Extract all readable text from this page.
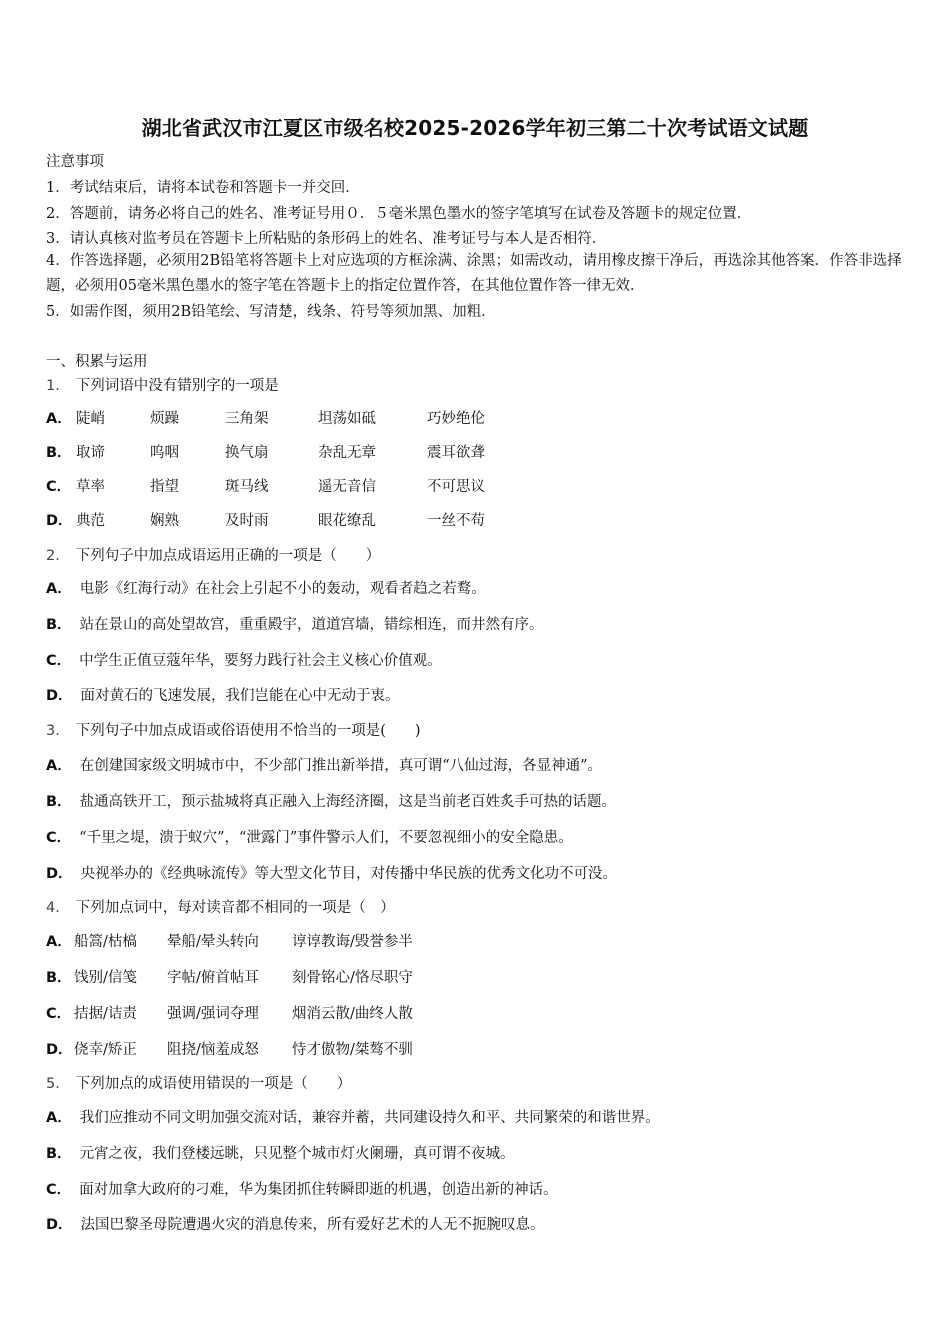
湖北省武汉市江夏区市级名校2025-2026学年初三第二十次考试语文试题
注意事项
1．考试结束后，请将本试卷和答题卡一并交回．
2．答题前，请务必将自己的姓名、准考证号用０．５毫米黑色墨水的签字笔填写在试卷及答题卡的规定位置．
3．请认真核对监考员在答题卡上所粘贴的条形码上的姓名、准考证号与本人是否相符．
4．作答选择题，必须用2B铅笔将答题卡上对应选项的方框涂满、涂黑；如需改动，请用橡皮擦干净后，再选涂其他答案．作答非选择题，必须用05毫米黑色墨水的签字笔在答题卡上的指定位置作答，在其他位置作答一律无效．
5．如需作图，须用2B铅笔绘、写清楚，线条、符号等须加黑、加粗．
一、积累与运用
1． 下列词语中没有错别字的一项是
A． 陡峭	烦躁	三角架	坦荡如砥	巧妙绝伦
B． 取谛	呜咽	换气扇	杂乱无章	震耳欲聋
C． 草率	指望	斑马线	遥无音信	不可思议
D． 典范	娴熟	及时雨	眼花缭乱	一丝不苟
2． 下列句子中加点成语运用正确的一项是（　　）
A． 电影《红海行动》在社会上引起不小的轰动，观看者趋之若鹜。
B． 站在景山的高处望故宫，重重殿宇，道道宫墙，错综相连，而井然有序。
C． 中学生正值豆蔻年华，要努力践行社会主义核心价值观。
D． 面对黄石的飞速发展，我们岂能在心中无动于衷。
3． 下列句子中加点成语或俗语使用不恰当的一项是(　　)
A． 在创建国家级文明城市中，不少部门推出新举措，真可谓“八仙过海，各显神通”。
B． 盐通高铁开工，预示盐城将真正融入上海经济圈，这是当前老百姓炙手可热的话题。
C． “千里之堤，溃于蚁穴”，“泄露门”事件警示人们，不要忽视细小的安全隐患。
D． 央视举办的《经典咏流传》等大型文化节目，对传播中华民族的优秀文化功不可没。
4． 下列加点词中，每对读音都不相同的一项是（　）
A． 船篙/枯槁 晕船/晕头转向 谆谆教诲/毁誉参半
B． 饯别/信笺 字帖/俯首帖耳 刻骨铭心/恪尽职守
C． 拮据/诘责 强调/强词夺理 烟消云散/曲终人散
D． 侥幸/矫正 阻挠/恼羞成怒 恃才傲物/桀骜不驯
5． 下列加点的成语使用错误的一项是（　　）
A． 我们应推动不同文明加强交流对话，兼容并蓄，共同建设持久和平、共同繁荣的和谐世界。
B． 元宵之夜，我们登楼远眺，只见整个城市灯火阑珊，真可谓不夜城。
C． 面对加拿大政府的刁难，华为集团抓住转瞬即逝的机遇，创造出新的神话。
D． 法国巴黎圣母院遭遇火灾的消息传来，所有爱好艺术的人无不扼腕叹息。
